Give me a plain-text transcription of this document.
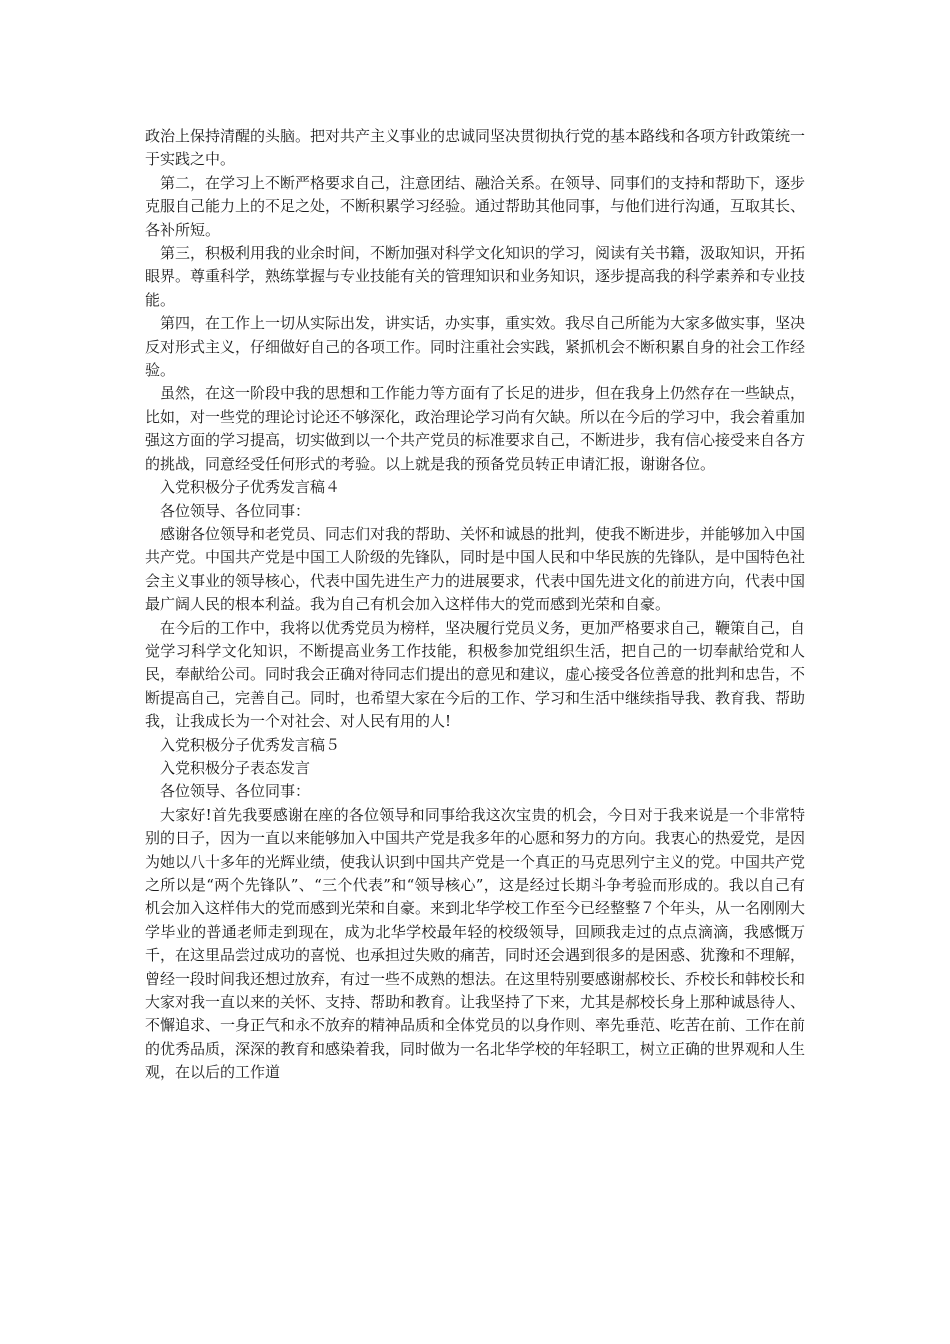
政治上保持清醒的头脑。把对共产主义事业的忠诚同坚决贯彻执行党的基本路线和各项方针政策统一于实践之中。

第二，在学习上不断严格要求自己，注意团结、融洽关系。在领导、同事们的支持和帮助下，逐步克服自己能力上的不足之处，不断积累学习经验。通过帮助其他同事，与他们进行沟通，互取其长、各补所短。

第三，积极利用我的业余时间，不断加强对科学文化知识的学习，阅读有关书籍，汲取知识，开拓眼界。尊重科学，熟练掌握与专业技能有关的管理知识和业务知识，逐步提高我的科学素养和专业技能。

第四，在工作上一切从实际出发，讲实话，办实事，重实效。我尽自己所能为大家多做实事，坚决反对形式主义，仔细做好自己的各项工作。同时注重社会实践，紧抓机会不断积累自身的社会工作经验。

虽然，在这一阶段中我的思想和工作能力等方面有了长足的进步，但在我身上仍然存在一些缺点，比如，对一些党的理论讨论还不够深化，政治理论学习尚有欠缺。所以在今后的学习中，我会着重加强这方面的学习提高，切实做到以一个共产党员的标准要求自己，不断进步，我有信心接受来自各方的挑战，同意经受任何形式的考验。以上就是我的预备党员转正申请汇报，谢谢各位。

入党积极分子优秀发言稿４

各位领导、各位同事：

感谢各位领导和老党员、同志们对我的帮助、关怀和诚恳的批判，使我不断进步，并能够加入中国共产党。中国共产党是中国工人阶级的先锋队，同时是中国人民和中华民族的先锋队，是中国特色社会主义事业的领导核心，代表中国先进生产力的进展要求，代表中国先进文化的前进方向，代表中国最广阔人民的根本利益。我为自己有机会加入这样伟大的党而感到光荣和自豪。

在今后的工作中，我将以优秀党员为榜样，坚决履行党员义务，更加严格要求自己，鞭策自己，自觉学习科学文化知识，不断提高业务工作技能，积极参加党组织生活，把自己的一切奉献给党和人民，奉献给公司。同时我会正确对待同志们提出的意见和建议，虚心接受各位善意的批判和忠告，不断提高自己，完善自己。同时，也希望大家在今后的工作、学习和生活中继续指导我、教育我、帮助我，让我成长为一个对社会、对人民有用的人!

入党积极分子优秀发言稿５

入党积极分子表态发言

各位领导、各位同事：

大家好!首先我要感谢在座的各位领导和同事给我这次宝贵的机会，今日对于我来说是一个非常特别的日子，因为一直以来能够加入中国共产党是我多年的心愿和努力的方向。我衷心的热爱党，是因为她以八十多年的光辉业绩，使我认识到中国共产党是一个真正的马克思列宁主义的党。中国共产党之所以是“两个先锋队”、“三个代表”和“领导核心”，这是经过长期斗争考验而形成的。我以自己有机会加入这样伟大的党而感到光荣和自豪。来到北华学校工作至今已经整整７个年头，从一名刚刚大学毕业的普通老师走到现在，成为北华学校最年轻的校级领导，回顾我走过的点点滴滴，我感慨万千，在这里品尝过成功的喜悦、也承担过失败的痛苦，同时还会遇到很多的是困惑、犹豫和不理解，曾经一段时间我还想过放弃，有过一些不成熟的想法。在这里特别要感谢郝校长、乔校长和韩校长和大家对我一直以来的关怀、支持、帮助和教育。让我坚持了下来，尤其是郝校长身上那种诚恳待人、不懈追求、一身正气和永不放弃的精神品质和全体党员的以身作则、率先垂范、吃苦在前、工作在前的优秀品质，深深的教育和感染着我，同时做为一名北华学校的年轻职工，树立正确的世界观和人生观，在以后的工作道
